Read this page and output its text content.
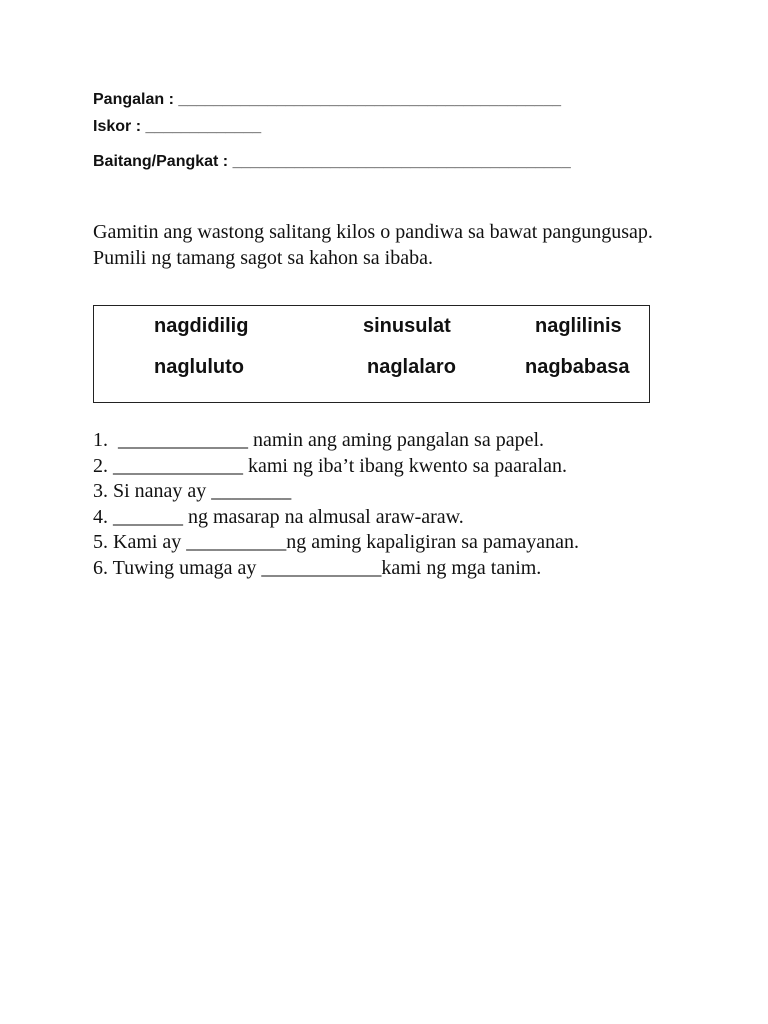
Pangalan : ___________________________________________
Iskor : _____________
Baitang/Pangkat : ______________________________________

Gamitin ang wastong salitang kilos o pandiwa sa bawat pangungusap. Pumili ng tamang sagot sa kahon sa ibaba.

nagdidilig	sinusulat	naglilinis
nagluluto	naglalaro	nagbabasa
1.  _____________ namin ang aming pangalan sa papel.
2. _____________ kami ng iba’t ibang kwento sa paaralan.
3. Si nanay ay ________
4. _______ ng masarap na almusal araw-araw.
5. Kami ay __________ng aming kapaligiran sa pamayanan.
6. Tuwing umaga ay ____________kami ng mga tanim.
